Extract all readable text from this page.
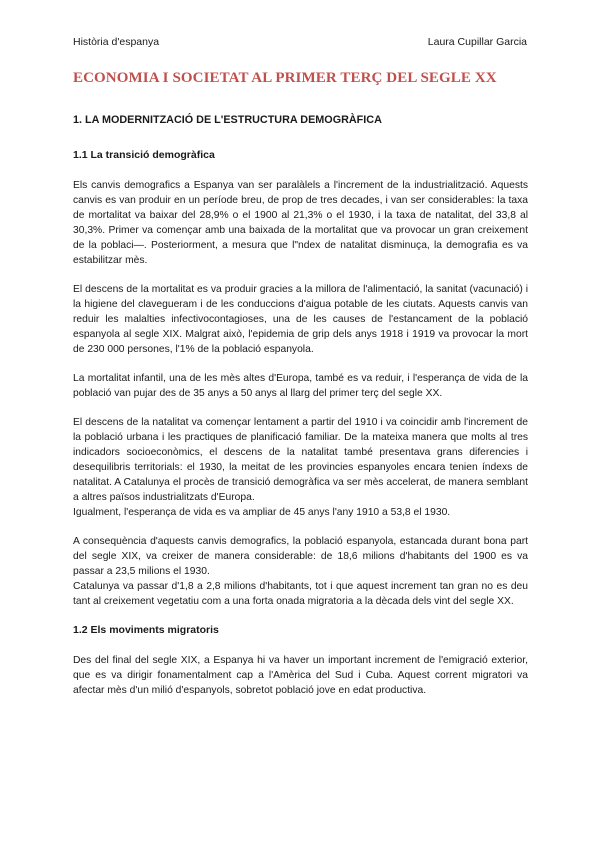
Història d'espanya	Laura Cupillar Garcia
ECONOMIA I SOCIETAT AL PRIMER TERÇ DEL SEGLE XX
1. LA MODERNITZACIÓ DE L'ESTRUCTURA DEMOGRÀFICA
1.1 La transició demogràfica

Els canvis demografics a Espanya van ser paralàlels a l'increment de la industrialització. Aquests canvis es van produir en un període breu, de prop de tres decades, i van ser considerables: la taxa de mortalitat va baixar del 28,9% o el 1900 al 21,3% o el 1930, i la taxa de natalitat, del 33,8 al 30,3%. Primer va començar amb una baixada de la mortalitat que va provocar un gran creixement de la poblaci—. Posteriorment, a mesura que l"ndex de natalitat disminuça, la demografia es va estabilitzar mès.

El descens de la mortalitat es va produir gracies a la millora de l'alimentació, la sanitat (vacunació) i la higiene del clavegueram i de les conduccions d'aigua potable de les ciutats. Aquests canvis van reduir les malalties infectivocontagioses, una de les causes de l'estancament de la població espanyola al segle XIX. Malgrat això, l'epidemia de grip dels anys 1918 i 1919 va provocar la mort de 230 000 persones, l'1% de la població espanyola.

La mortalitat infantil, una de les mès altes d'Europa, també es va reduir, i l'esperança de vida de la població van pujar des de 35 anys a 50 anys al llarg del primer terç del segle XX.

El descens de la natalitat va començar lentament a partir del 1910 i va coincidir amb l'increment de la població urbana i les practiques de planificació familiar. De la mateixa manera que molts al tres indicadors socioeconòmics, el descens de la natalitat també presentava grans diferencies i desequilibris territorials: el 1930, la meitat de les provincies espanyoles encara tenien índexs de natalitat. A Catalunya el procès de transició demogràfica va ser mès accelerat, de manera semblant a altres països industrialitzats d'Europa.

Igualment, l'esperança de vida es va ampliar de 45 anys l'any 1910 a 53,8 el 1930.

A consequència d'aquests canvis demografics, la població espanyola, estancada durant bona part del segle XIX, va creixer de manera considerable: de 18,6 milions d'habitants del 1900 es va passar a 23,5 milions el 1930.

Catalunya va passar d'1,8 a 2,8 milions d'habitants, tot i que aquest increment tan gran no es deu tant al creixement vegetatiu com a una forta onada migratoria a la dècada dels vint del segle XX.

1.2 Els moviments migratoris

Des del final del segle XIX, a Espanya hi va haver un important increment de l'emigració exterior, que es va dirigir fonamentalment cap a l'Amèrica del Sud i Cuba. Aquest corrent migratori va afectar mès d'un milió d'espanyols, sobretot població jove en edat productiva.
